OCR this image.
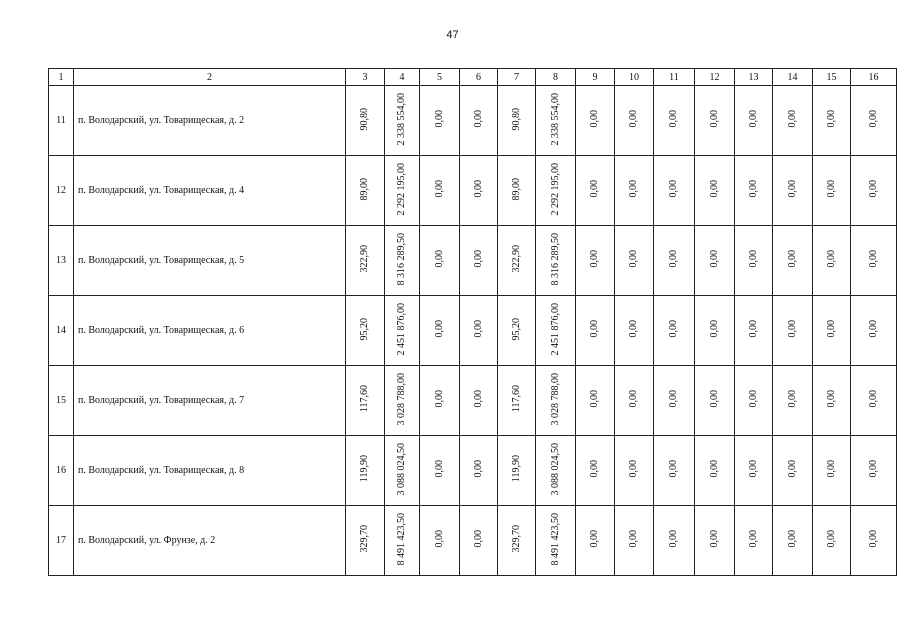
47
1	2	3	4	5	6	7	8	9	10	11	12	13	14	15	16
11	п. Володарский, ул. Товарищеская, д. 2	90,80	2 338 554,00	0,00	0,00	90,80	2 338 554,00	0,00	0,00	0,00	0,00	0,00	0,00	0,00	0,00
12	п. Володарский, ул. Товарищеская, д. 4	89,00	2 292 195,00	0,00	0,00	89,00	2 292 195,00	0,00	0,00	0,00	0,00	0,00	0,00	0,00	0,00
13	п. Володарский, ул. Товарищеская, д. 5	322,90	8 316 289,50	0,00	0,00	322,90	8 316 289,50	0,00	0,00	0,00	0,00	0,00	0,00	0,00	0,00
14	п. Володарский, ул. Товарищеская, д. 6	95,20	2 451 876,00	0,00	0,00	95,20	2 451 876,00	0,00	0,00	0,00	0,00	0,00	0,00	0,00	0,00
15	п. Володарский, ул. Товарищеская, д. 7	117,60	3 028 788,00	0,00	0,00	117,60	3 028 788,00	0,00	0,00	0,00	0,00	0,00	0,00	0,00	0,00
16	п. Володарский, ул. Товарищеская, д. 8	119,90	3 088 024,50	0,00	0,00	119,90	3 088 024,50	0,00	0,00	0,00	0,00	0,00	0,00	0,00	0,00
17	п. Володарский, ул. Фрунзе, д. 2	329,70	8 491 423,50	0,00	0,00	329,70	8 491 423,50	0,00	0,00	0,00	0,00	0,00	0,00	0,00	0,00
